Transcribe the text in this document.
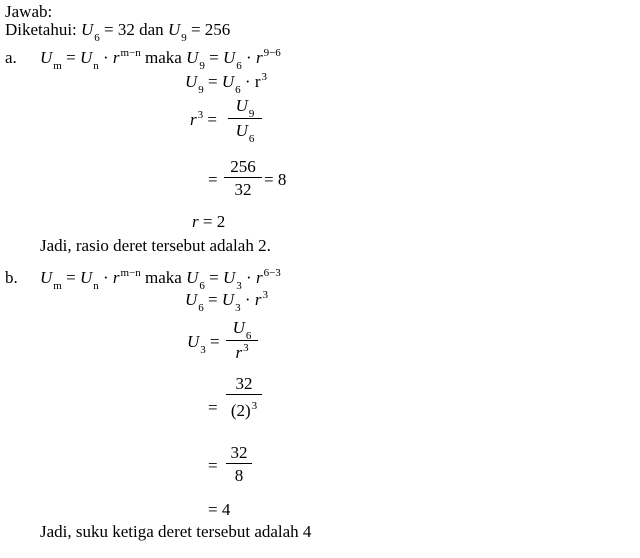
Jawab:
Diketahui: $U_6 = 32$ dan $U_9 = 256$
a. $U_m = U_n \cdot r^{m-n}$ maka $U_9 = U_6 \cdot r^{9-6}$
$U_9 = U_6 \cdot r^3$
$r^3 = \frac{U_9}{U_6}$
= $\frac{256}{32} = 8$
r = 2
Jadi, rasio deret tersebut adalah 2.
b. $U_m = U_n \cdot r^{m-n}$ maka $U_6 = U_3 \cdot r^{6-3}$
$U_6 = U_3 \cdot r^3$
$U_3 = \frac{U_6}{r^3}$
= $\frac{32}{(2)^3}$
= $\frac{32}{8}$
= 4
Jadi, suku ketiga deret tersebut adalah 4
